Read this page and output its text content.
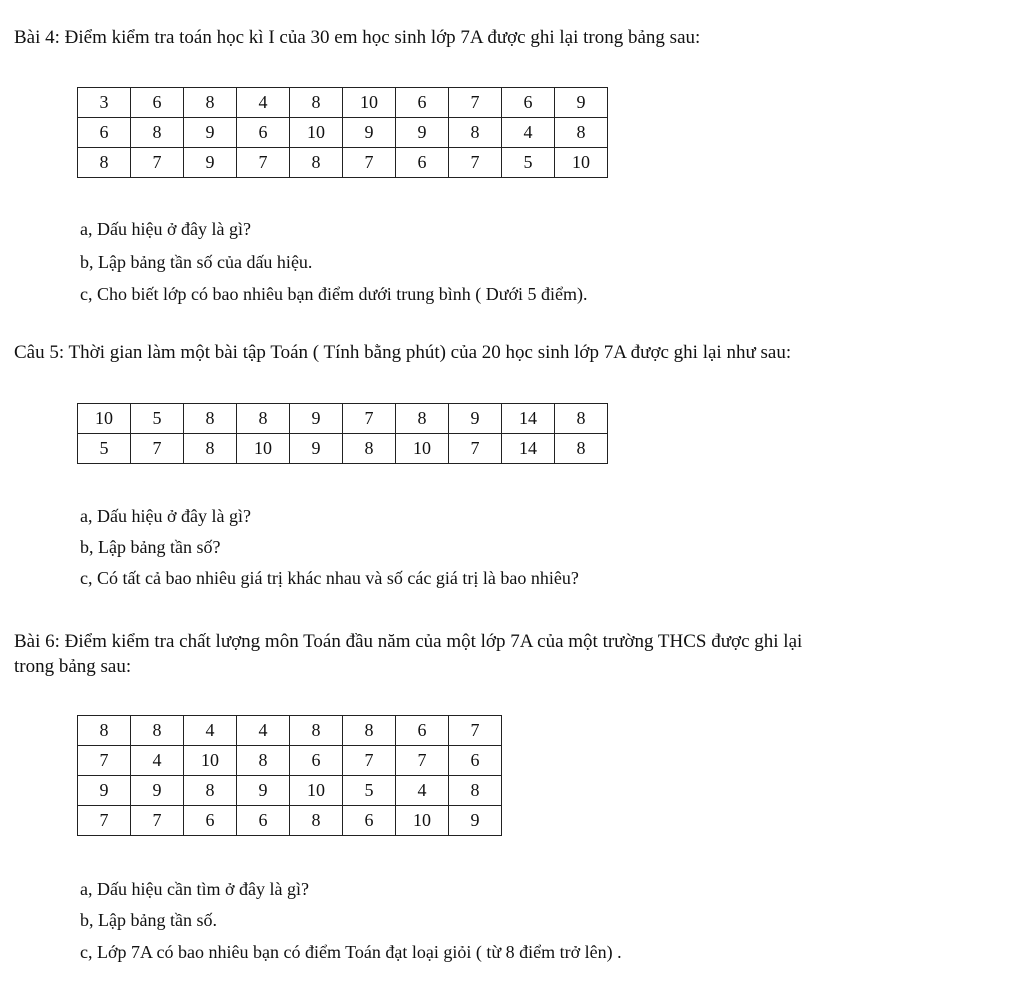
Bài 4: Điểm kiểm tra toán học kì I của 30 em học sinh lớp 7A được ghi lại trong bảng sau:
3	6	8	4	8	10	6	7	6	9
6	8	9	6	10	9	9	8	4	8
8	7	9	7	8	7	6	7	5	10
a, Dấu hiệu ở đây là gì?
b, Lập bảng tần số của dấu hiệu.
c, Cho biết lớp có bao nhiêu bạn điểm dưới trung bình ( Dưới 5 điểm).
Câu 5: Thời gian làm một bài tập Toán ( Tính bằng phút) của 20 học sinh lớp 7A được ghi lại như sau:
10	5	8	8	9	7	8	9	14	8
5	7	8	10	9	8	10	7	14	8
a, Dấu hiệu ở đây là gì?
b, Lập bảng tần số?
c, Có tất cả bao nhiêu giá trị khác nhau và số các giá trị là bao nhiêu?
Bài 6: Điểm kiểm tra chất lượng môn Toán đầu năm của một lớp 7A của một trường THCS được ghi lại
trong bảng sau:
8	8	4	4	8	8	6	7
7	4	10	8	6	7	7	6
9	9	8	9	10	5	4	8
7	7	6	6	8	6	10	9
a, Dấu hiệu cần tìm ở đây là gì?
b, Lập bảng tần số.
c, Lớp 7A có bao nhiêu bạn có điểm Toán đạt loại giỏi ( từ 8 điểm trở lên) .
